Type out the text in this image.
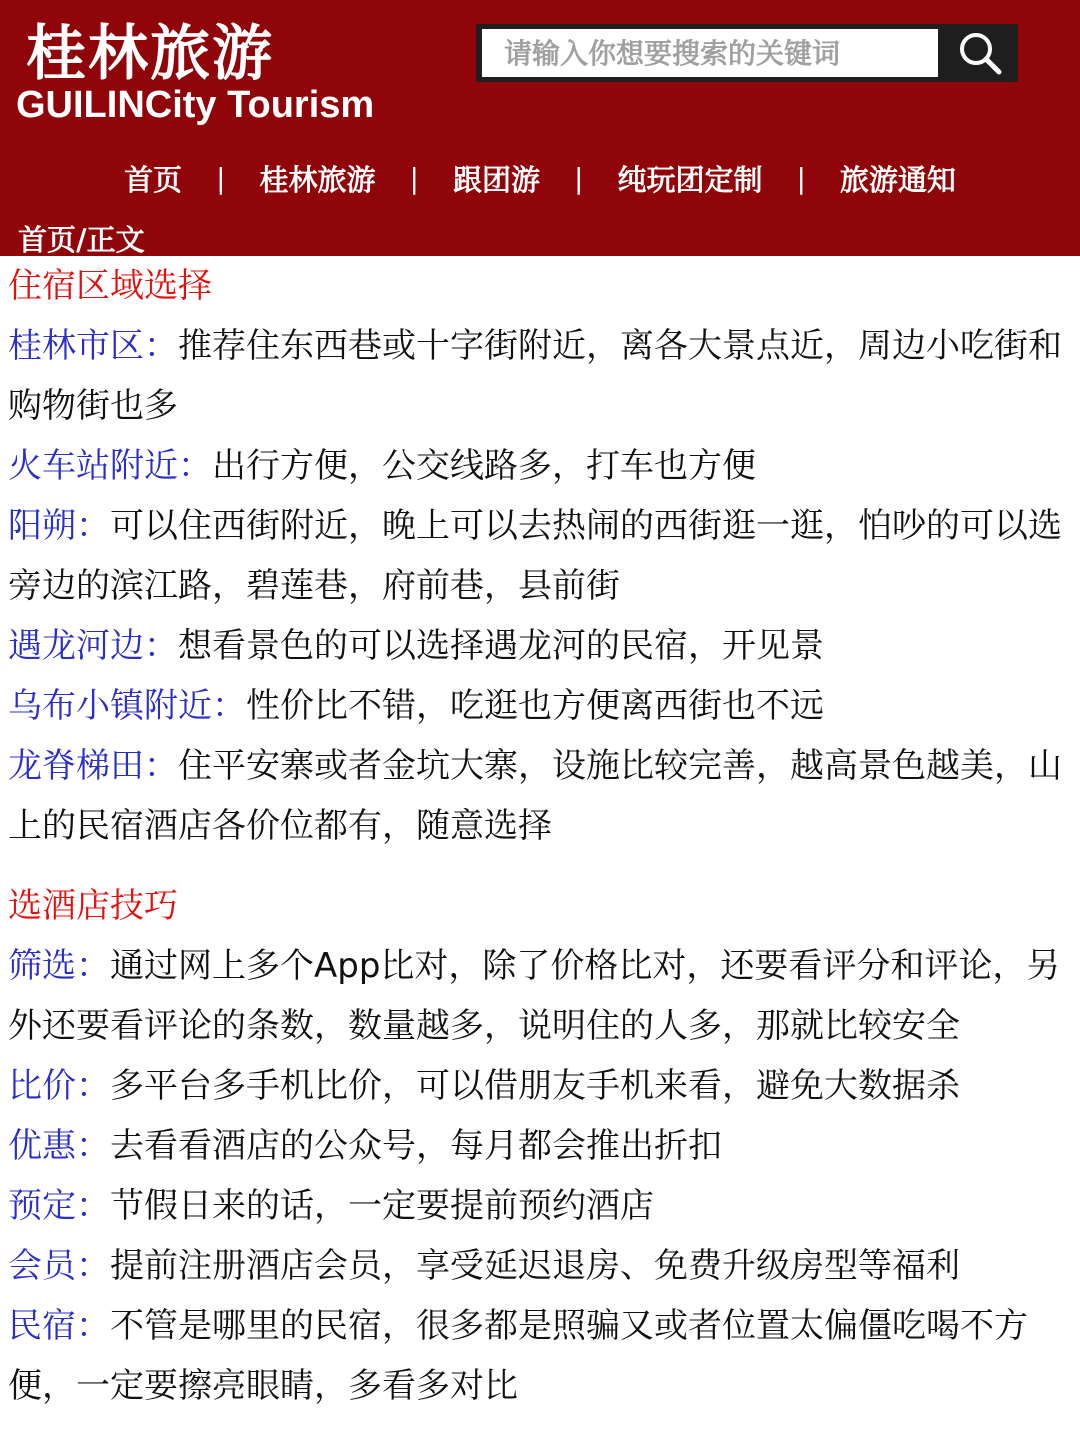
桂林旅游
GUILINCity Tourism
请输入你想要搜索的关键词
首页	|	桂林旅游	|	跟团游	|	纯玩团定制	|	旅游通知
首页/正文
住宿区域选择
桂林市区：推荐住东西巷或十字街附近，离各大景点近，周边小吃街和购物街也多
火车站附近：出行方便，公交线路多，打车也方便
阳朔：可以住西街附近，晚上可以去热闹的西街逛一逛，怕吵的可以选旁边的滨江路，碧莲巷，府前巷，县前街
遇龙河边：想看景色的可以选择遇龙河的民宿，开见景
乌布小镇附近：性价比不错，吃逛也方便离西街也不远
龙脊梯田：住平安寨或者金坑大寨，设施比较完善，越高景色越美，山上的民宿酒店各价位都有，随意选择
选酒店技巧
筛选：通过网上多个App比对，除了价格比对，还要看评分和评论，另外还要看评论的条数，数量越多，说明住的人多，那就比较安全
比价：多平台多手机比价，可以借朋友手机来看，避免大数据杀
优惠：去看看酒店的公众号，每月都会推出折扣
预定：节假日来的话，一定要提前预约酒店
会员：提前注册酒店会员，享受延迟退房、免费升级房型等福利
民宿：不管是哪里的民宿，很多都是照骗又或者位置太偏僵吃喝不方便，一定要擦亮眼睛，多看多对比
